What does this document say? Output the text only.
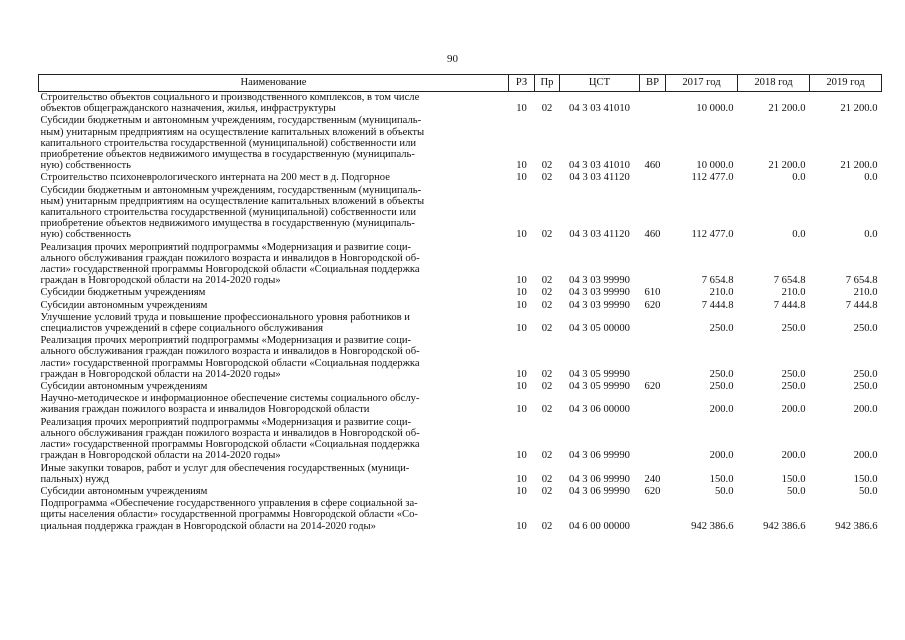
90
Наименование	РЗ	Пр	ЦСТ	ВР	2017 год	2018 год	2019 год
Строительство объектов социального и производственного комплексов, в том числе
объектов общегражданского назначения, жилья, инфраструктуры	10	02	04 3 03 41010		10 000.0	21 200.0	21 200.0
Субсидии бюджетным и автономным учреждениям, государственным (муниципаль-
ным) унитарным предприятиям на осуществление капитальных вложений в объекты
капитального строительства государственной (муниципальной) собственности или
приобретение объектов недвижимого имущества в государственную (муниципаль-
ную) собственность	10	02	04 3 03 41010	460	10 000.0	21 200.0	21 200.0
Строительство психоневрологического интерната на 200 мест в д. Подгорное	10	02	04 3 03 41120		112 477.0	0.0	0.0
Субсидии бюджетным и автономным учреждениям, государственным (муниципаль-
ным) унитарным предприятиям на осуществление капитальных вложений в объекты
капитального строительства государственной (муниципальной) собственности или
приобретение объектов недвижимого имущества в государственную (муниципаль-
ную) собственность	10	02	04 3 03 41120	460	112 477.0	0.0	0.0
Реализация прочих мероприятий подпрограммы «Модернизация и развитие соци-
ального обслуживания граждан пожилого возраста и инвалидов в Новгородской об-
ласти» государственной программы Новгородской области «Социальная поддержка
граждан в Новгородской области на 2014-2020 годы»	10	02	04 3 03 99990		7 654.8	7 654.8	7 654.8
Субсидии бюджетным учреждениям	10	02	04 3 03 99990	610	210.0	210.0	210.0
Субсидии автономным учреждениям	10	02	04 3 03 99990	620	7 444.8	7 444.8	7 444.8
Улучшение условий труда и повышение профессионального уровня работников и
специалистов учреждений в сфере социального обслуживания	10	02	04 3 05 00000		250.0	250.0	250.0
Реализация прочих мероприятий подпрограммы «Модернизация и развитие соци-
ального обслуживания граждан пожилого возраста и инвалидов в Новгородской об-
ласти» государственной программы Новгородской области «Социальная поддержка
граждан в Новгородской области на 2014-2020 годы»	10	02	04 3 05 99990		250.0	250.0	250.0
Субсидии автономным учреждениям	10	02	04 3 05 99990	620	250.0	250.0	250.0
Научно-методическое и информационное обеспечение системы социального обслу-
живания граждан пожилого возраста и инвалидов Новгородской области	10	02	04 3 06 00000		200.0	200.0	200.0
Реализация прочих мероприятий подпрограммы «Модернизация и развитие соци-
ального обслуживания граждан пожилого возраста и инвалидов в Новгородской об-
ласти» государственной программы Новгородской области «Социальная поддержка
граждан в Новгородской области на 2014-2020 годы»	10	02	04 3 06 99990		200.0	200.0	200.0
Иные закупки товаров, работ и услуг для обеспечения государственных (муници-
пальных) нужд	10	02	04 3 06 99990	240	150.0	150.0	150.0
Субсидии автономным учреждениям	10	02	04 3 06 99990	620	50.0	50.0	50.0
Подпрограмма «Обеспечение государственного управления в сфере социальной за-
щиты населения области» государственной программы Новгородской области «Со-
циальная поддержка граждан в Новгородской области на 2014-2020 годы»	10	02	04 6 00 00000		942 386.6	942 386.6	942 386.6
